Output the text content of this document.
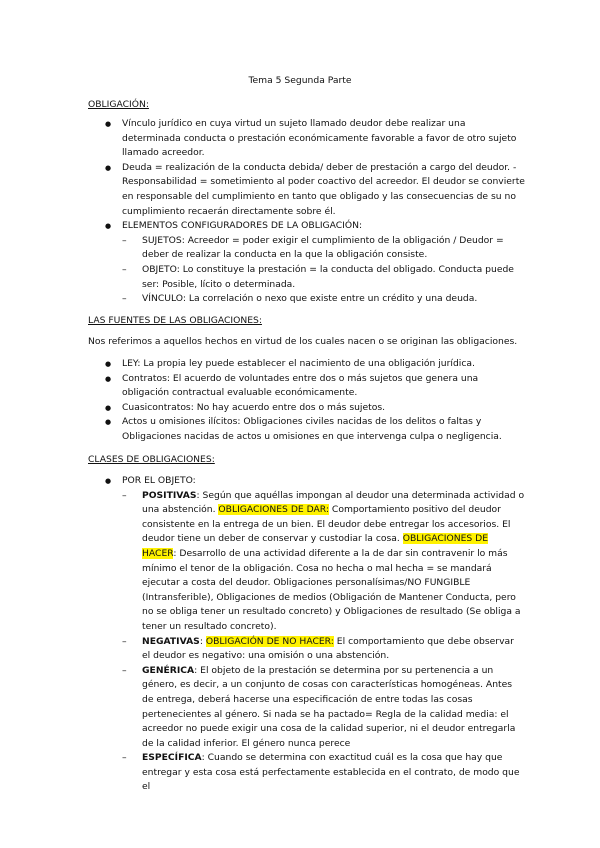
Tema 5 Segunda Parte
OBLIGACIÓN:
● Vínculo jurídico en cuya virtud un sujeto llamado deudor debe realizar una determinada conducta o prestación económicamente favorable a favor de otro sujeto llamado acreedor.
● Deuda = realización de la conducta debida/ deber de prestación a cargo del deudor. - Responsabilidad = sometimiento al poder coactivo del acreedor. El deudor se convierte en responsable del cumplimiento en tanto que obligado y las consecuencias de su no cumplimiento recaerán directamente sobre él.
● ELEMENTOS CONFIGURADORES DE LA OBLIGACIÓN:
– SUJETOS: Acreedor = poder exigir el cumplimiento de la obligación / Deudor = deber de realizar la conducta en la que la obligación consiste.
– OBJETO: Lo constituye la prestación = la conducta del obligado. Conducta puede ser: Posible, lícito o determinada.
– VÍNCULO: La correlación o nexo que existe entre un crédito y una deuda.
LAS FUENTES DE LAS OBLIGACIONES:
Nos referimos a aquellos hechos en virtud de los cuales nacen o se originan las obligaciones.
● LEY: La propia ley puede establecer el nacimiento de una obligación jurídica.
● Contratos: El acuerdo de voluntades entre dos o más sujetos que genera una obligación contractual evaluable económicamente.
● Cuasicontratos: No hay acuerdo entre dos o más sujetos.
● Actos u omisiones ilícitos: Obligaciones civiles nacidas de los delitos o faltas y Obligaciones nacidas de actos u omisiones en que intervenga culpa o negligencia.
CLASES DE OBLIGACIONES:
● POR EL OBJETO:
– POSITIVAS: Según que aquéllas impongan al deudor una determinada actividad o una abstención. OBLIGACIONES DE DAR: Comportamiento positivo del deudor consistente en la entrega de un bien. El deudor debe entregar los accesorios. El deudor tiene un deber de conservar y custodiar la cosa. OBLIGACIONES DE HACER: Desarrollo de una actividad diferente a la de dar sin contravenir lo más mínimo el tenor de la obligación. Cosa no hecha o mal hecha = se mandará ejecutar a costa del deudor. Obligaciones personalísimas/NO FUNGIBLE (Intransferible), Obligaciones de medios (Obligación de Mantener Conducta, pero no se obliga tener un resultado concreto) y Obligaciones de resultado (Se obliga a tener un resultado concreto).
– NEGATIVAS: OBLIGACIÓN DE NO HACER: El comportamiento que debe observar el deudor es negativo: una omisión o una abstención.
– GENÉRICA: El objeto de la prestación se determina por su pertenencia a un género, es decir, a un conjunto de cosas con características homogéneas. Antes de entrega, deberá hacerse una especificación de entre todas las cosas pertenecientes al género. Si nada se ha pactado= Regla de la calidad media: el acreedor no puede exigir una cosa de la calidad superior, ni el deudor entregarla de la calidad inferior. El género nunca perece
– ESPECÍFICA: Cuando se determina con exactitud cuál es la cosa que hay que entregar y esta cosa está perfectamente establecida en el contrato, de modo que el
